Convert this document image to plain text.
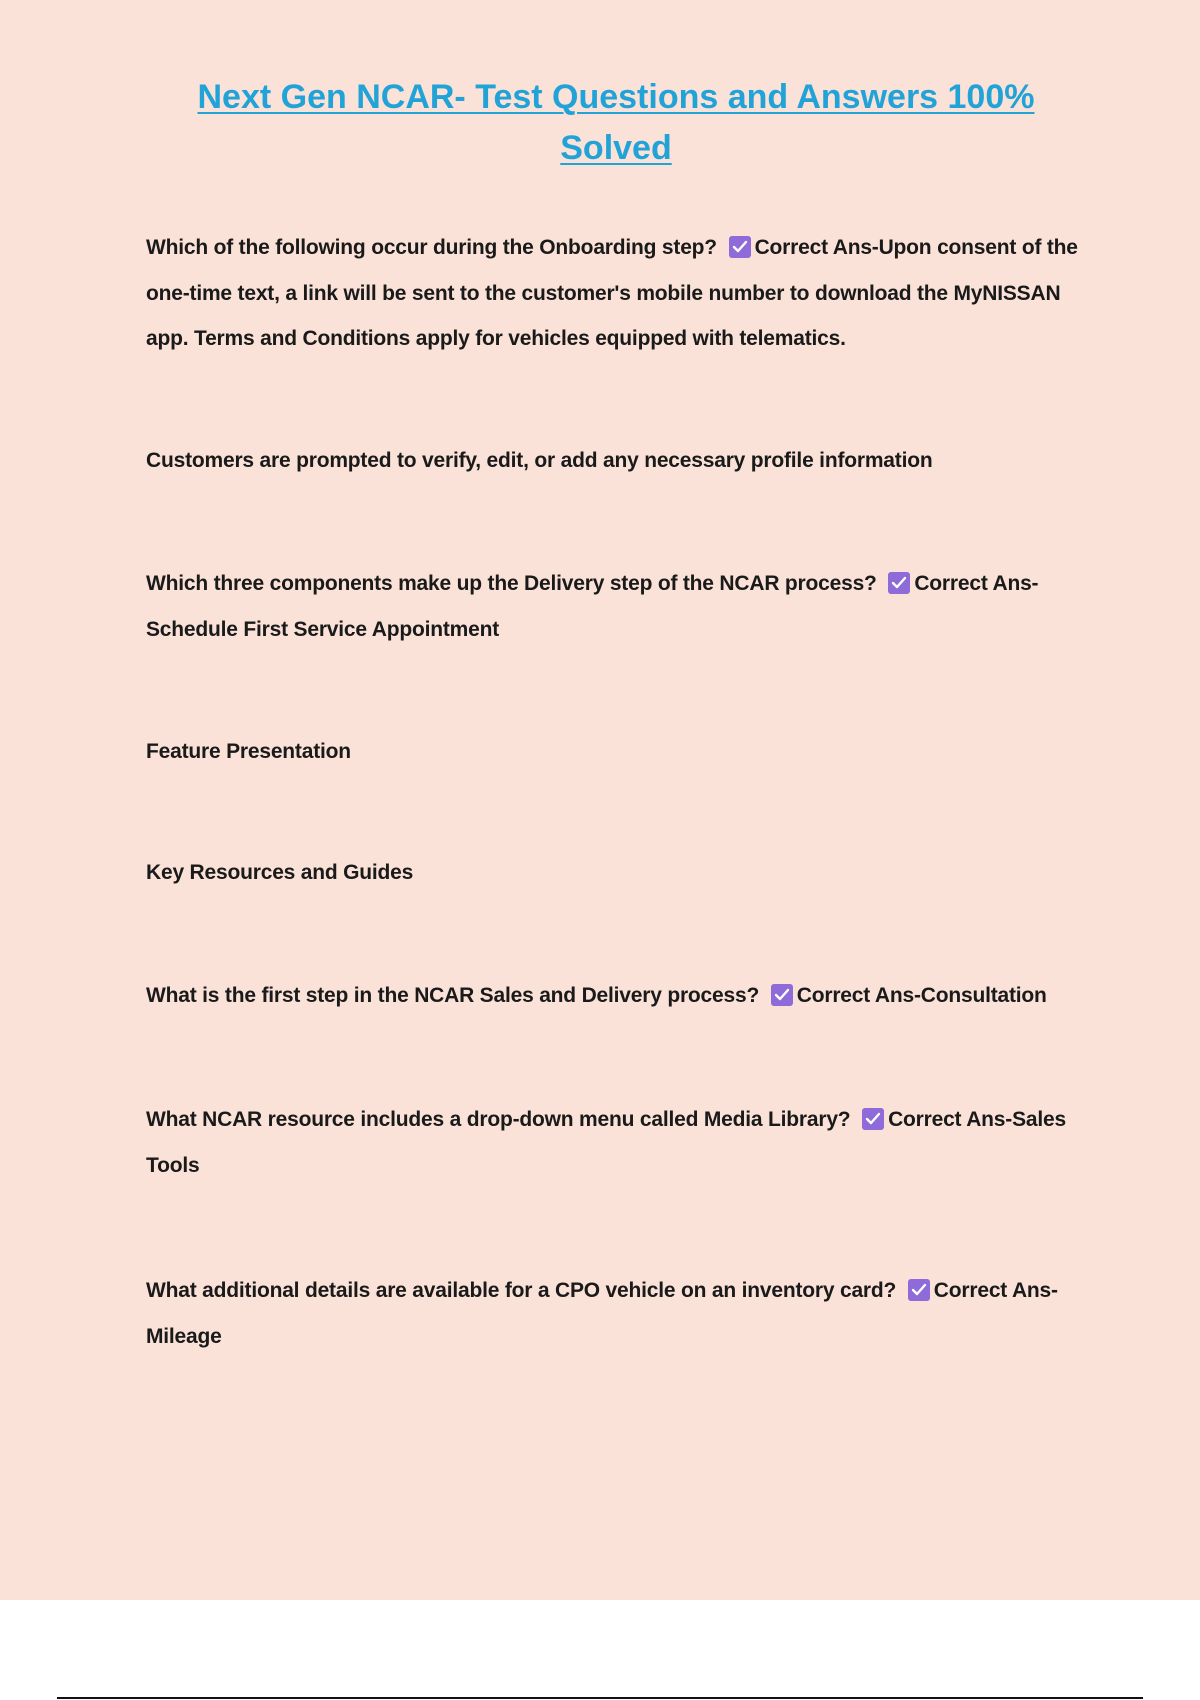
Next Gen NCAR- Test Questions and Answers 100% Solved

Which of the following occur during the Onboarding step? Correct Ans-Upon consent of the one-time text, a link will be sent to the customer's mobile number to download the MyNISSAN app. Terms and Conditions apply for vehicles equipped with telematics.

Customers are prompted to verify, edit, or add any necessary profile information

Which three components make up the Delivery step of the NCAR process? Correct Ans-Schedule First Service Appointment

Feature Presentation

Key Resources and Guides

What is the first step in the NCAR Sales and Delivery process? Correct Ans-Consultation

What NCAR resource includes a drop-down menu called Media Library? Correct Ans-Sales Tools

What additional details are available for a CPO vehicle on an inventory card? Correct Ans-Mileage
